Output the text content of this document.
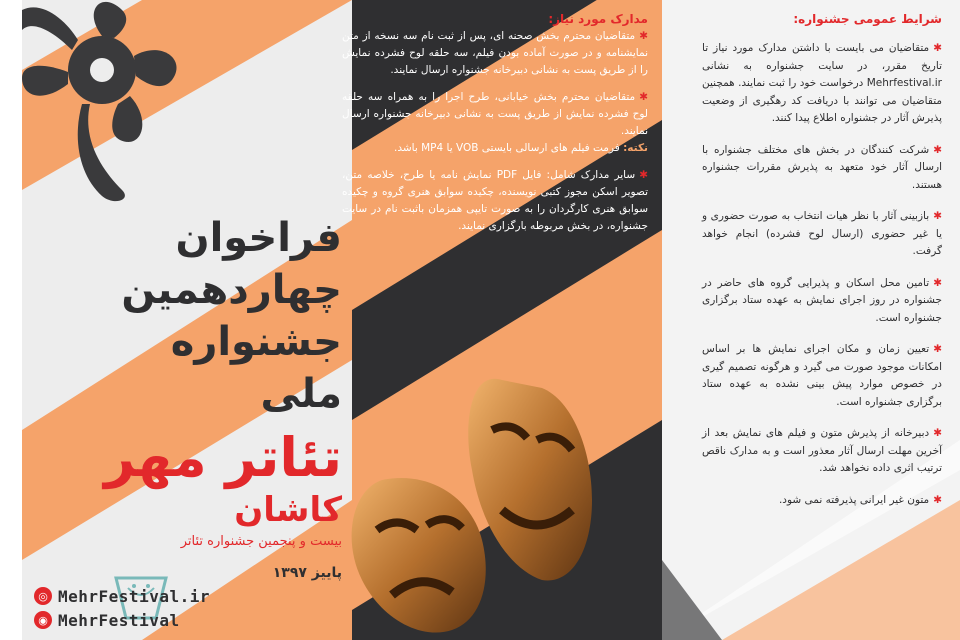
فراخوان
چهاردهمین
جشنواره
ملی
تئاتر مهر
کاشان
بیست و پنجمین جشنواره تئاتر
پاییز ۱۳۹۷
◎ MehrFestival.ir
◉ MehrFestival
مدارک مورد نیاز:
✱متقاضیان محترم بخش صحنه ای، پس از ثبت نام سه نسخه از متن نمایشنامه و در صورت آماده بودن فیلم، سه حلقه لوح فشرده نمایش را از طریق پست به نشانی دبیرخانه جشنواره ارسال نمایند.
✱متقاضیان محترم بخش خیابانی، طرح اجرا را به همراه سه حلقه لوح فشرده نمایش از طریق پست به نشانی دبیرخانه جشنواره ارسال نمایند.
نکته: فرمت فیلم های ارسالی بایستی VOB یا MP4 باشد.
✱سایر مدارک شامل: فایل PDF نمایش نامه یا طرح، خلاصه متن، تصویر اسکن مجوز کتبی نویسنده، چکیده سوابق هنری گروه و چکیده سوابق هنری کارگردان را به صورت تایپی همزمان باثبت نام در سایت جشنواره، در بخش مربوطه بارگزاری نمایند.
شرایط عمومی جشنواره:
✱متقاضیان می بایست با داشتن مدارک مورد نیاز تا تاریخ مقرر، در سایت جشنواره به نشانی Mehrfestival.ir درخواست خود را ثبت نمایند. همچنین متقاضیان می توانند با دریافت کد رهگیری از وضعیت پذیرش آثار در جشنواره اطلاع پیدا کنند.
✱شرکت کنندگان در بخش های مختلف جشنواره با ارسال آثار خود متعهد به پذیرش مقررات جشنواره هستند.
✱بازبینی آثار با نظر هیات انتخاب به صورت حضوری و یا غیر حضوری (ارسال لوح فشرده) انجام خواهد گرفت.
✱تامین محل اسکان و پذیرایی گروه های حاضر در جشنواره در روز اجرای نمایش به عهده ستاد برگزاری جشنواره است.
✱تعیین زمان و مکان اجرای نمایش ها بر اساس امکانات موجود صورت می گیرد و هرگونه تصمیم گیری در خصوص موارد پیش بینی نشده به عهده ستاد برگزاری جشنواره است.
✱دبیرخانه از پذیرش متون و فیلم های نمایش بعد از آخرین مهلت ارسال آثار معذور است و به مدارک ناقص ترتیب اثری داده نخواهد شد.
✱متون غیر ایرانی پذیرفته نمی شود.
